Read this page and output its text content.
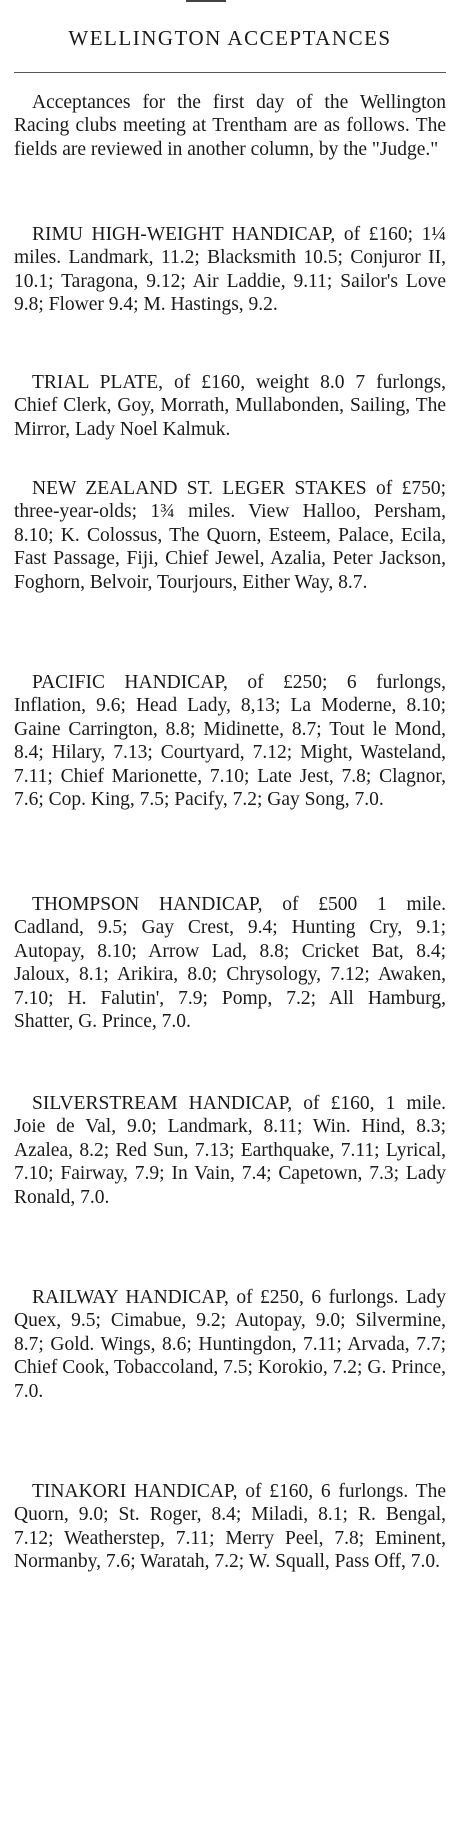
WELLINGTON ACCEPTANCES

Acceptances for the first day of the Wellington Racing clubs meeting at Trentham are as follows. The fields are reviewed in another column, by the "Judge."

RIMU HIGH-WEIGHT HANDICAP, of £160; 1¼ miles. Landmark, 11.2; Blacksmith 10.5; Conjuror II, 10.1; Taragona, 9.12; Air Laddie, 9.11; Sailor's Love 9.8; Flower 9.4; M. Hastings, 9.2.

TRIAL PLATE, of £160, weight 8.0 7 furlongs, Chief Clerk, Goy, Morrath, Mullabonden, Sailing, The Mirror, Lady Noel Kalmuk.

NEW ZEALAND ST. LEGER STAKES of £750; three-year-olds; 1¾ miles. View Halloo, Persham, 8.10; K. Colossus, The Quorn, Esteem, Palace, Ecila, Fast Passage, Fiji, Chief Jewel, Azalia, Peter Jackson, Foghorn, Belvoir, Tourjours, Either Way, 8.7.

PACIFIC HANDICAP, of £250; 6 furlongs, Inflation, 9.6; Head Lady, 8,13; La Moderne, 8.10; Gaine Carrington, 8.8; Midinette, 8.7; Tout le Mond, 8.4; Hilary, 7.13; Courtyard, 7.12; Might, Wasteland, 7.11; Chief Marionette, 7.10; Late Jest, 7.8; Clagnor, 7.6; Cop. King, 7.5; Pacify, 7.2; Gay Song, 7.0.

THOMPSON HANDICAP, of £500 1 mile. Cadland, 9.5; Gay Crest, 9.4; Hunting Cry, 9.1; Autopay, 8.10; Arrow Lad, 8.8; Cricket Bat, 8.4; Jaloux, 8.1; Arikira, 8.0; Chrysology, 7.12; Awaken, 7.10; H. Falutin', 7.9; Pomp, 7.2; All Hamburg, Shatter, G. Prince, 7.0.

SILVERSTREAM HANDICAP, of £160, 1 mile. Joie de Val, 9.0; Landmark, 8.11; Win. Hind, 8.3; Azalea, 8.2; Red Sun, 7.13; Earthquake, 7.11; Lyrical, 7.10; Fairway, 7.9; In Vain, 7.4; Capetown, 7.3; Lady Ronald, 7.0.

RAILWAY HANDICAP, of £250, 6 furlongs. Lady Quex, 9.5; Cimabue, 9.2; Autopay, 9.0; Silvermine, 8.7; Gold. Wings, 8.6; Huntingdon, 7.11; Arvada, 7.7; Chief Cook, Tobaccoland, 7.5; Korokio, 7.2; G. Prince, 7.0.

TINAKORI HANDICAP, of £160, 6 furlongs. The Quorn, 9.0; St. Roger, 8.4; Miladi, 8.1; R. Bengal, 7.12; Weatherstep, 7.11; Merry Peel, 7.8; Eminent, Normanby, 7.6; Waratah, 7.2; W. Squall, Pass Off, 7.0.
